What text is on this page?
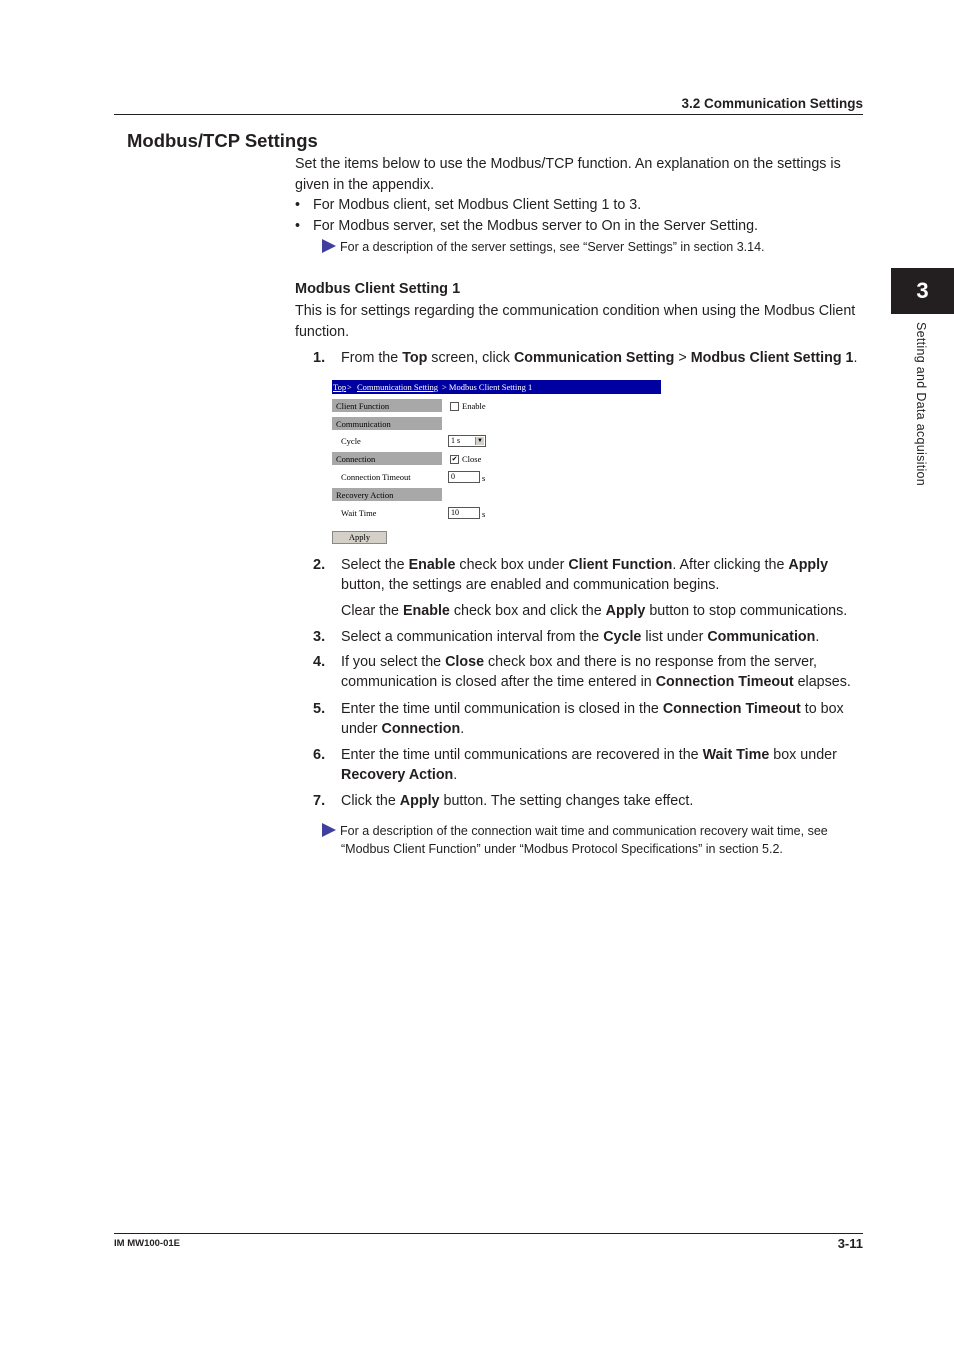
3.2 Communication Settings
3
Setting and Data acquisition
Modbus/TCP Settings
Set the items below to use the Modbus/TCP function. An explanation on the settings is
given in the appendix.
• For Modbus client, set Modbus Client Setting 1 to 3.
• For Modbus server, set the Modbus server to On in the Server Setting.
For a description of the server settings, see “Server Settings” in section 3.14.
Modbus Client Setting 1
This is for settings regarding the communication condition when using the Modbus Client
function.
1. From the Top screen, click Communication Setting > Modbus Client Setting 1.
Top > Communication Setting > Modbus Client Setting 1
Client Function	Enable
Communication
Cycle	1 s	▼
Connection	✔ Close
Connection Timeout	0	s
Recovery Action
Wait Time	10	s
Apply
2. Select the Enable check box under Client Function. After clicking the Apply
button, the settings are enabled and communication begins.
Clear the Enable check box and click the Apply button to stop communications.
3. Select a communication interval from the Cycle list under Communication.
4. If you select the Close check box and there is no response from the server,
communication is closed after the time entered in Connection Timeout elapses.
5. Enter the time until communication is closed in the Connection Timeout to box
under Connection.
6. Enter the time until communications are recovered in the Wait Time box under
Recovery Action.
7. Click the Apply button. The setting changes take effect.
For a description of the connection wait time and communication recovery wait time, see
“Modbus Client Function” under “Modbus Protocol Specifications” in section 5.2.
IM MW100-01E	3-11
